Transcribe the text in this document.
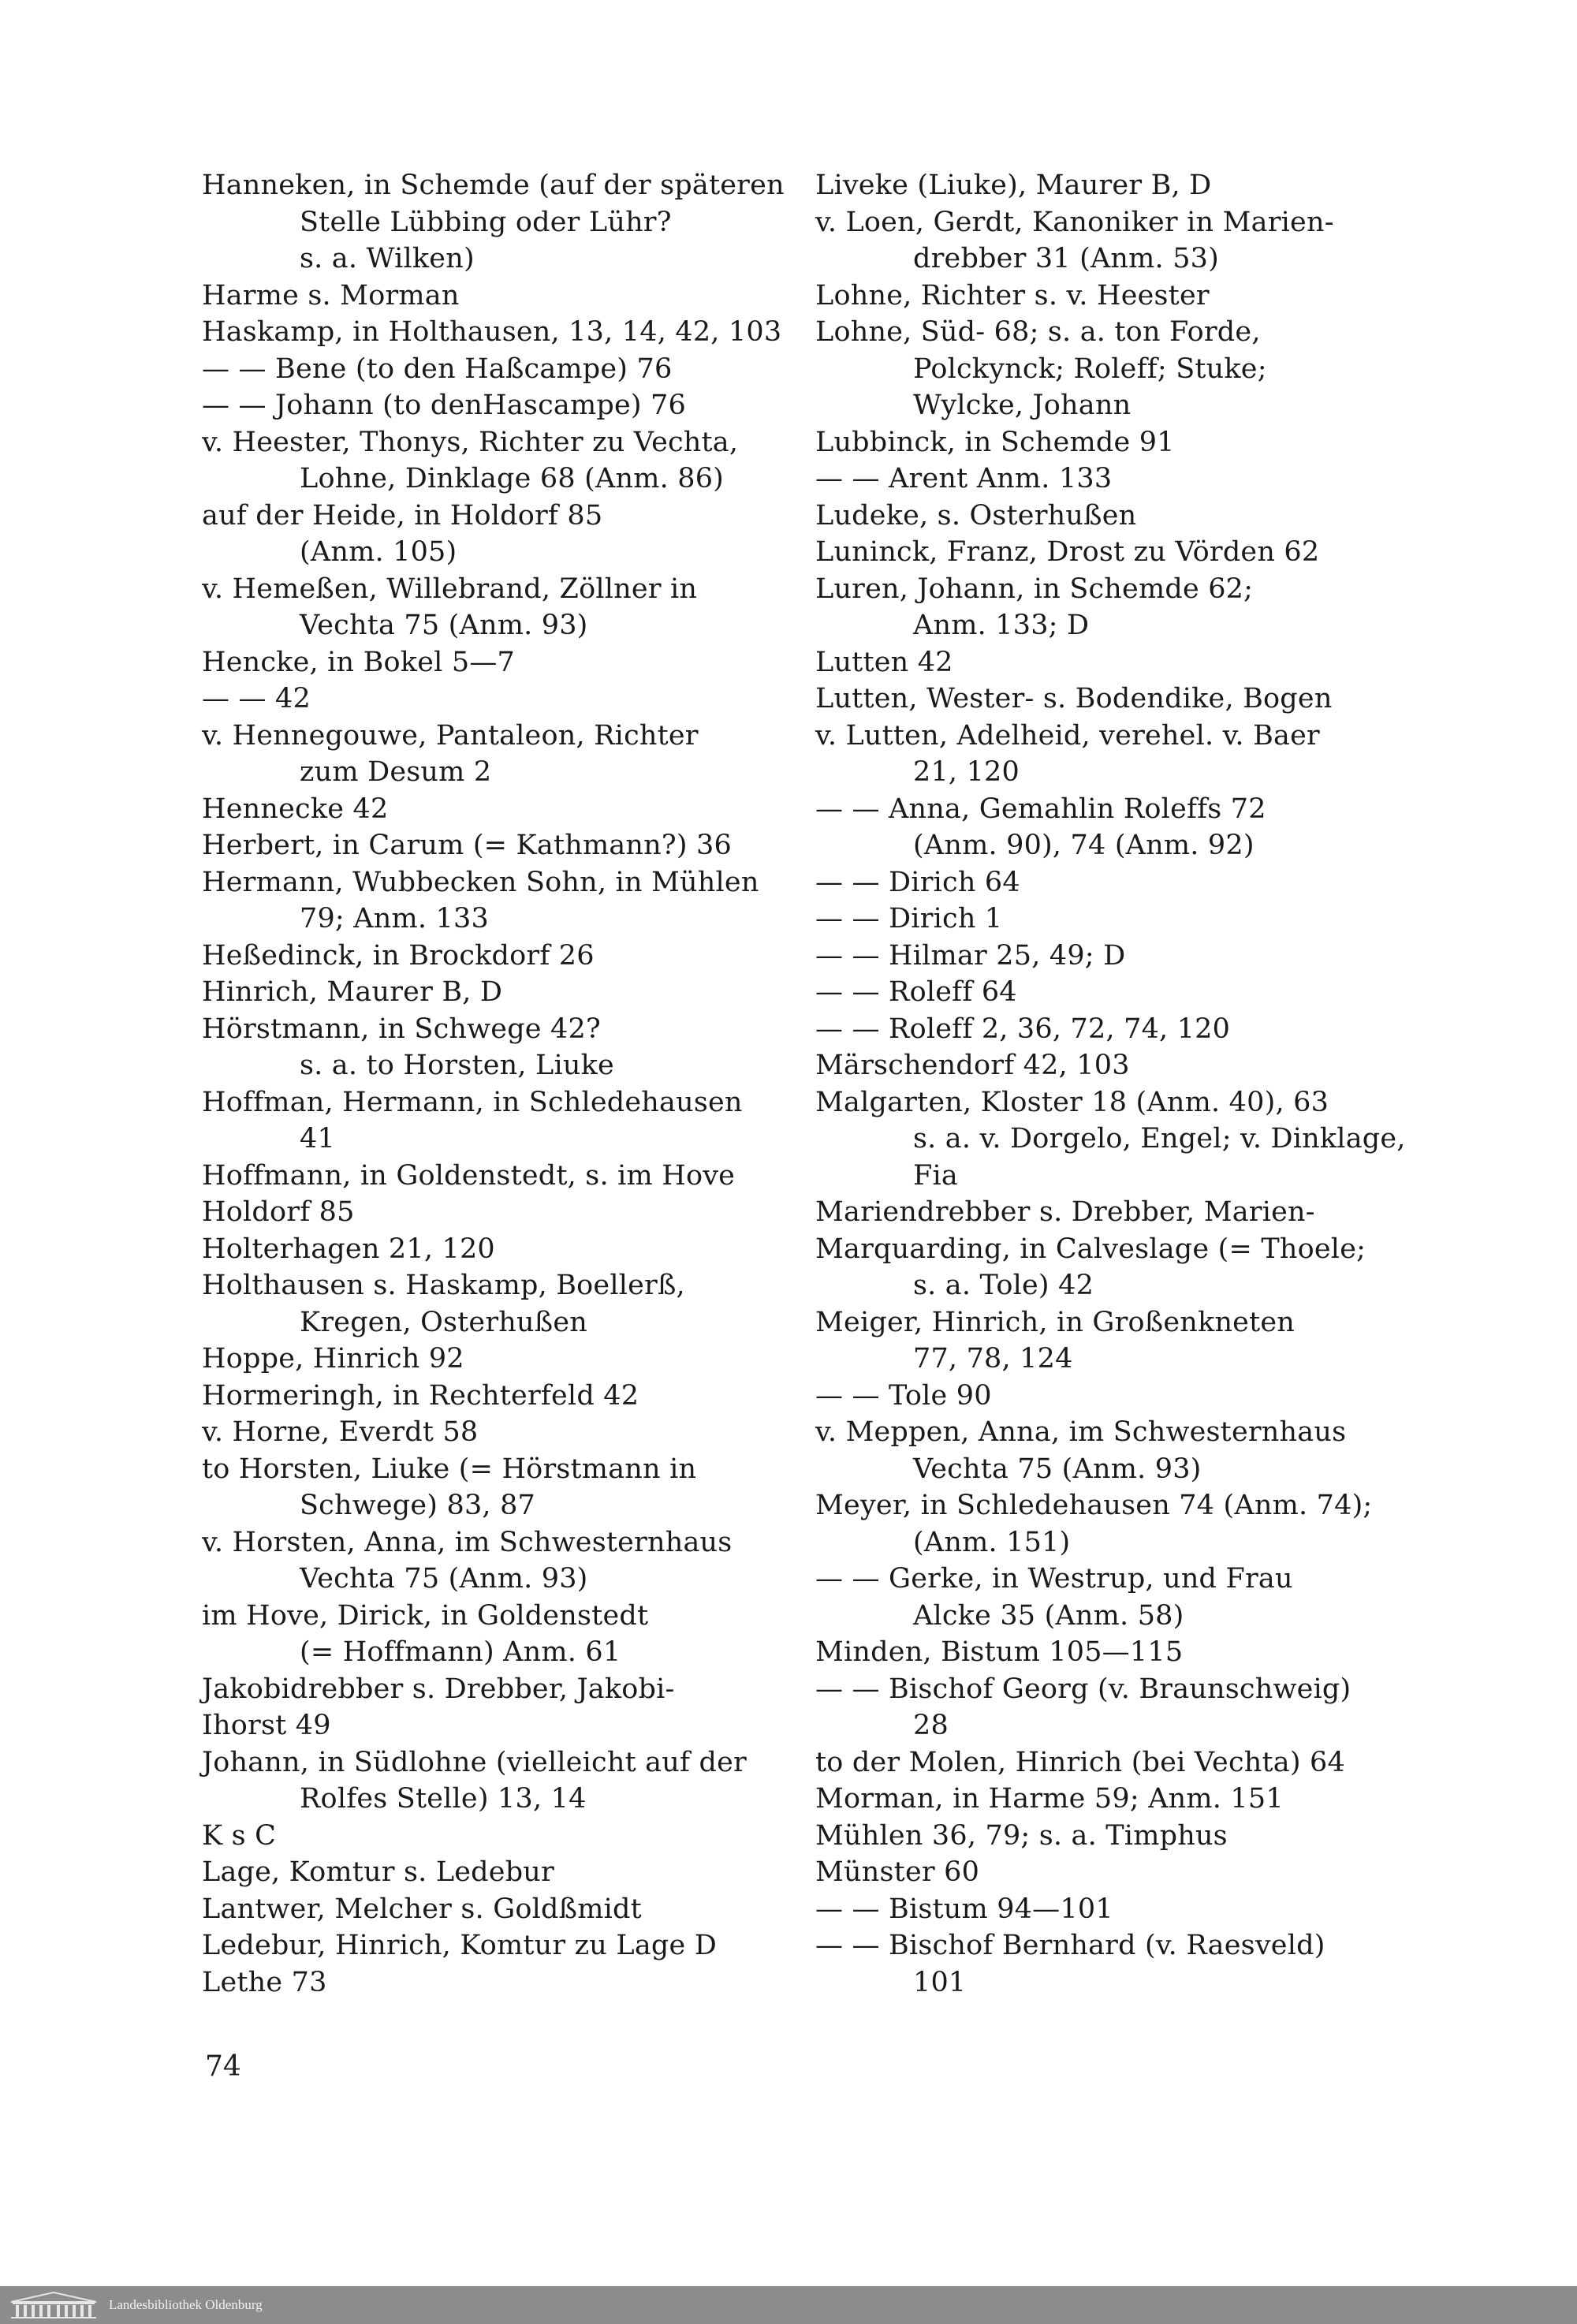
Hanneken, in Schemde (auf der späteren
Stelle Lübbing oder Lühr?
s. a. Wilken)
Harme s. Morman
Haskamp, in Holthausen, 13, 14, 42, 103
— — Bene (to den Haßcampe) 76
— — Johann (to denHascampe) 76
v. Heester, Thonys, Richter zu Vechta,
Lohne, Dinklage 68 (Anm. 86)
auf der Heide, in Holdorf 85
(Anm. 105)
v. Hemeßen, Willebrand, Zöllner in
Vechta 75 (Anm. 93)
Hencke, in Bokel 5—7
— — 42
v. Hennegouwe, Pantaleon, Richter
zum Desum 2
Hennecke 42
Herbert, in Carum (= Kathmann?) 36
Hermann, Wubbecken Sohn, in Mühlen
79; Anm. 133
Heßedinck, in Brockdorf 26
Hinrich, Maurer B, D
Hörstmann, in Schwege 42?
s. a. to Horsten, Liuke
Hoffman, Hermann, in Schledehausen
41
Hoffmann, in Goldenstedt, s. im Hove
Holdorf 85
Holterhagen 21, 120
Holthausen s. Haskamp, Boellerß,
Kregen, Osterhußen
Hoppe, Hinrich 92
Hormeringh, in Rechterfeld 42
v. Horne, Everdt 58
to Horsten, Liuke (= Hörstmann in
Schwege) 83, 87
v. Horsten, Anna, im Schwesternhaus
Vechta 75 (Anm. 93)
im Hove, Dirick, in Goldenstedt
(= Hoffmann) Anm. 61
Jakobidrebber s. Drebber, Jakobi-
Ihorst 49
Johann, in Südlohne (vielleicht auf der
Rolfes Stelle) 13, 14
K s C
Lage, Komtur s. Ledebur
Lantwer, Melcher s. Goldßmidt
Ledebur, Hinrich, Komtur zu Lage D
Lethe 73
Liveke (Liuke), Maurer B, D
v. Loen, Gerdt, Kanoniker in Marien-
drebber 31 (Anm. 53)
Lohne, Richter s. v. Heester
Lohne, Süd- 68; s. a. ton Forde,
Polckynck; Roleff; Stuke;
Wylcke, Johann
Lubbinck, in Schemde 91
— — Arent Anm. 133
Ludeke, s. Osterhußen
Luninck, Franz, Drost zu Vörden 62
Luren, Johann, in Schemde 62;
Anm. 133; D
Lutten 42
Lutten, Wester- s. Bodendike, Bogen
v. Lutten, Adelheid, verehel. v. Baer
21, 120
— — Anna, Gemahlin Roleffs 72
(Anm. 90), 74 (Anm. 92)
— — Dirich 64
— — Dirich 1
— — Hilmar 25, 49; D
— — Roleff 64
— — Roleff 2, 36, 72, 74, 120
Märschendorf 42, 103
Malgarten, Kloster 18 (Anm. 40), 63
s. a. v. Dorgelo, Engel; v. Dinklage,
Fia
Mariendrebber s. Drebber, Marien-
Marquarding, in Calveslage (= Thoele;
s. a. Tole) 42
Meiger, Hinrich, in Großenkneten
77, 78, 124
— — Tole 90
v. Meppen, Anna, im Schwesternhaus
Vechta 75 (Anm. 93)
Meyer, in Schledehausen 74 (Anm. 74);
(Anm. 151)
— — Gerke, in Westrup, und Frau
Alcke 35 (Anm. 58)
Minden, Bistum 105—115
— — Bischof Georg (v. Braunschweig)
28
to der Molen, Hinrich (bei Vechta) 64
Morman, in Harme 59; Anm. 151
Mühlen 36, 79; s. a. Timphus
Münster 60
— — Bistum 94—101
— — Bischof Bernhard (v. Raesveld)
101
74
Landesbibliothek Oldenburg
